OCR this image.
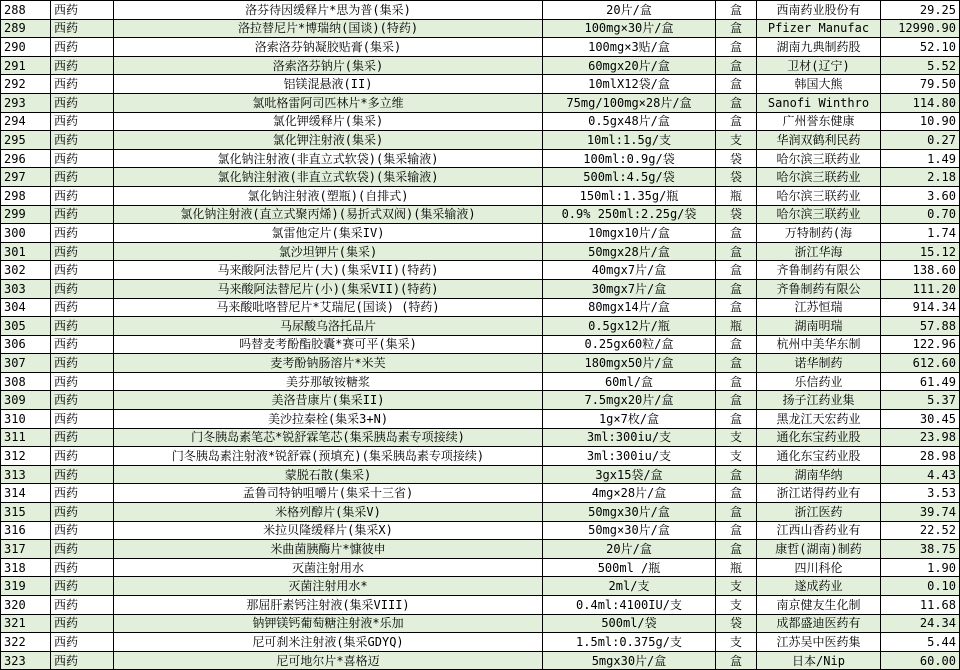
288	西药	洛芬待因缓释片*思为普(集采)	20片/盒	盒	西南药业股份有	29.25
289	西药	洛拉替尼片*博瑞纳(国谈)(特药)	100mg×30片/盒	盒	Pfizer Manufac	12990.90
290	西药	洛索洛芬钠凝胶贴膏(集采)	100mg×3贴/盒	盒	湖南九典制药股	52.10
291	西药	洛索洛芬钠片(集采)	60mgx20片/盒	盒	卫材(辽宁)	5.52
292	西药	铝镁混悬液(II)	10mlX12袋/盒	盒	韩国大熊	79.50
293	西药	氯吡格雷阿司匹林片*多立维	75mg/100mg×28片/盒	盒	Sanofi Winthro	114.80
294	西药	氯化钾缓释片(集采)	0.5gx48片/盒	盒	广州誉东健康	10.90
295	西药	氯化钾注射液(集采)	10ml:1.5g/支	支	华润双鹤利民药	0.27
296	西药	氯化钠注射液(非直立式软袋)(集采输液)	100ml:0.9g/袋	袋	哈尔滨三联药业	1.49
297	西药	氯化钠注射液(非直立式软袋)(集采输液)	500ml:4.5g/袋	袋	哈尔滨三联药业	2.18
298	西药	氯化钠注射液(塑瓶)(自排式)	150ml:1.35g/瓶	瓶	哈尔滨三联药业	3.60
299	西药	氯化钠注射液(直立式聚丙烯)(易折式双阀)(集采输液)	0.9% 250ml:2.25g/袋	袋	哈尔滨三联药业	0.70
300	西药	氯雷他定片(集采IV)	10mgx10片/盒	盒	万特制药(海	1.74
301	西药	氯沙坦钾片(集采)	50mgx28片/盒	盒	浙江华海	15.12
302	西药	马来酸阿法替尼片(大)(集采VII)(特药)	40mgx7片/盒	盒	齐鲁制药有限公	138.60
303	西药	马来酸阿法替尼片(小)(集采VII)(特药)	30mgx7片/盒	盒	齐鲁制药有限公	111.20
304	西药	马来酸吡咯替尼片*艾瑞尼(国谈) (特药)	80mgx14片/盒	盒	江苏恒瑞	914.34
305	西药	马尿酸乌洛托品片	0.5gx12片/瓶	瓶	湖南明瑞	57.88
306	西药	吗替麦考酚酯胶囊*赛可平(集采)	0.25gx60粒/盒	盒	杭州中美华东制	122.96
307	西药	麦考酚钠肠溶片*米芙	180mgx50片/盒	盒	诺华制药	612.60
308	西药	美芬那敏铵糖浆	60ml/盒	盒	乐信药业	61.49
309	西药	美洛昔康片(集采II)	7.5mgx20片/盒	盒	扬子江药业集	5.37
310	西药	美沙拉秦栓(集采3+N)	1g×7枚/盒	盒	黑龙江天宏药业	30.45
311	西药	门冬胰岛素笔芯*锐舒霖笔芯(集采胰岛素专项接续)	3ml:300iu/支	支	通化东宝药业股	23.98
312	西药	门冬胰岛素注射液*锐舒霖(预填充)(集采胰岛素专项接续)	3ml:300iu/支	支	通化东宝药业股	28.98
313	西药	蒙脱石散(集采)	3gx15袋/盒	盒	湖南华纳	4.43
314	西药	孟鲁司特钠咀嚼片(集采十三省)	4mg×28片/盒	盒	浙江诺得药业有	3.53
315	西药	米格列醇片(集采V)	50mgx30片/盒	盒	浙江医药	39.74
316	西药	米拉贝隆缓释片(集采X)	50mg×30片/盒	盒	江西山香药业有	22.52
317	西药	米曲菌胰酶片*慷彼申	20片/盒	盒	康哲(湖南)制药	38.75
318	西药	灭菌注射用水	500ml /瓶	瓶	四川科伦	1.90
319	西药	灭菌注射用水*	2ml/支	支	遂成药业	0.10
320	西药	那屈肝素钙注射液(集采VIII)	0.4ml:4100IU/支	支	南京健友生化制	11.68
321	西药	钠钾镁钙葡萄糖注射液*乐加	500ml/袋	袋	成都盛迪医药有	24.34
322	西药	尼可刹米注射液(集采GDYQ)	1.5ml:0.375g/支	支	江苏吴中医药集	5.44
323	西药	尼可地尔片*喜格迈	5mgx30片/盒	盒	日本/Nip	60.00
